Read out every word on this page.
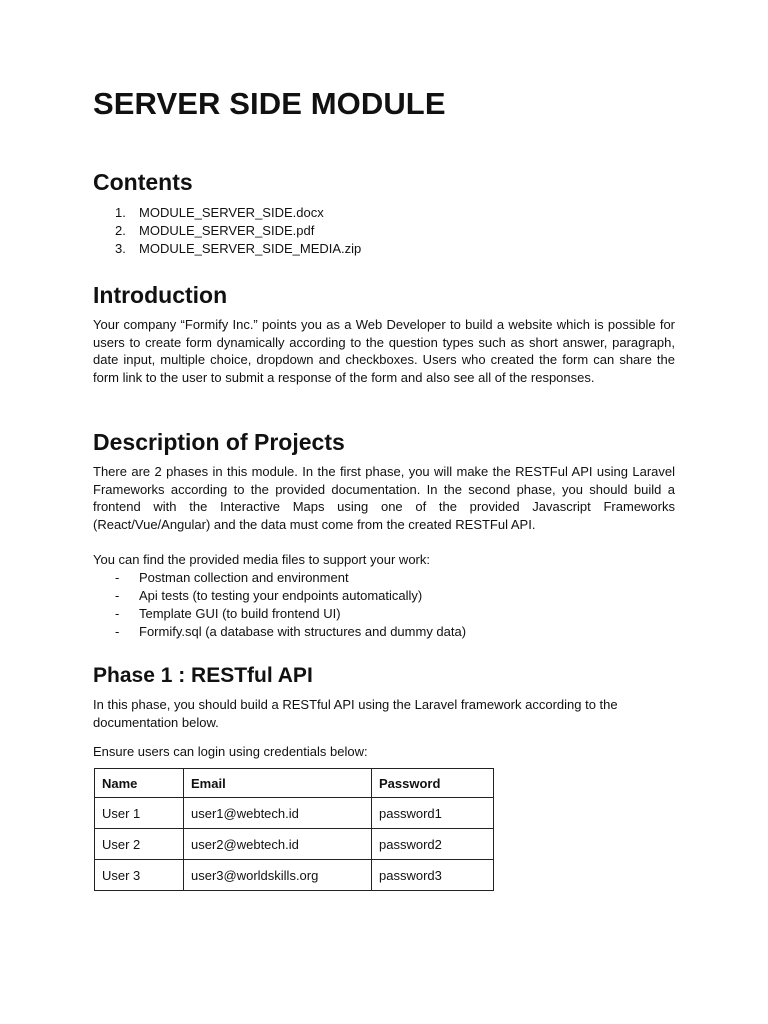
SERVER SIDE MODULE
Contents
1.	MODULE_SERVER_SIDE.docx
2.	MODULE_SERVER_SIDE.pdf
3.	MODULE_SERVER_SIDE_MEDIA.zip
Introduction

Your company “Formify Inc.” points you as a Web Developer to build a website which is possible for users to create form dynamically according to the question types such as short answer, paragraph, date input, multiple choice, dropdown and checkboxes. Users who created the form can share the form link to the user to submit a response of the form and also see all of the responses.

Description of Projects

There are 2 phases in this module. In the first phase, you will make the RESTFul API using Laravel Frameworks according to the provided documentation. In the second phase, you should build a frontend with the Interactive Maps using one of the provided Javascript Frameworks (React/Vue/Angular) and the data must come from the created RESTFul API.

You can find the provided media files to support your work:

-	Postman collection and environment
-	Api tests (to testing your endpoints automatically)
-	Template GUI (to build frontend UI)
-	Formify.sql (a database with structures and dummy data)
Phase 1 : RESTful API

In this phase, you should build a RESTful API using the Laravel framework according to the documentation below.

Ensure users can login using credentials below:

Name	Email	Password
User 1	user1@webtech.id	password1
User 2	user2@webtech.id	password2
User 3	user3@worldskills.org	password3
